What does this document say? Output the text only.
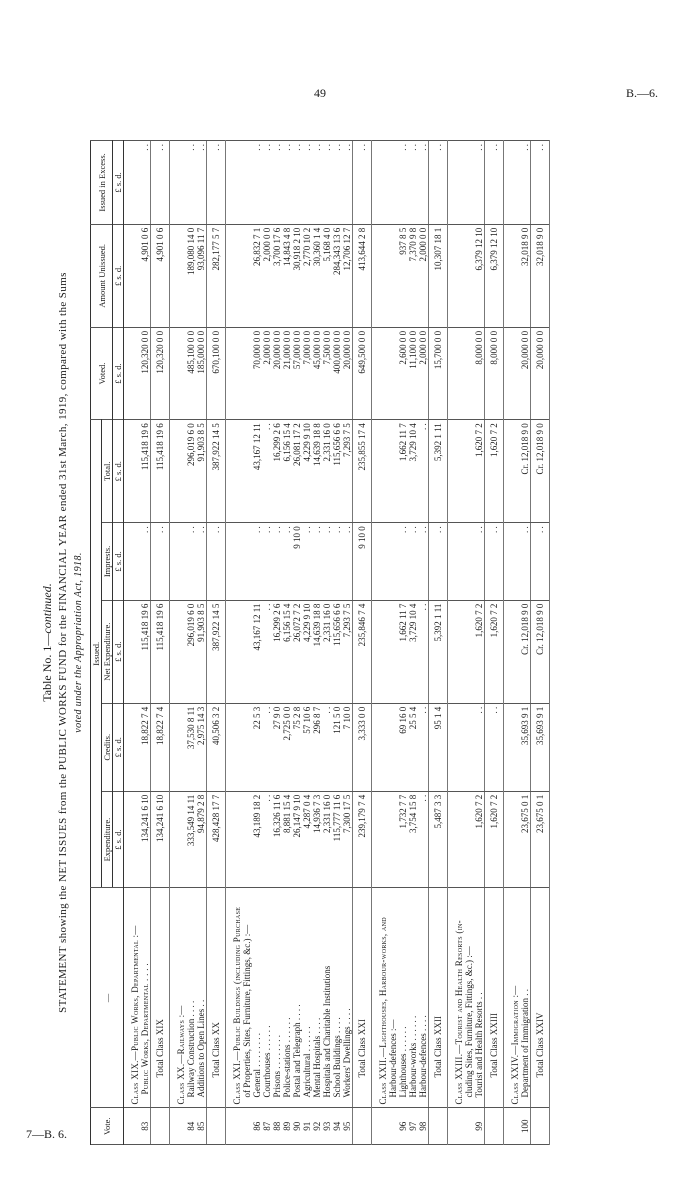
49	B.—6.
7—B. 6.
Table No. 1—continued. STATEMENT showing the NET ISSUES from the PUBLIC WORKS FUND for the FINANCIAL YEAR ended 31st March, 1919, compared with the Sums voted under the Appropriation Act, 1918.
Vote.	—	Issued.					Voted.	Amount Unissued.	Issued in Excess.
		Expenditure.	Credits.	Net Expenditure.	Imprests.	Total.			
		£ s. d.	£ s. d.	£ s. d.	£ s. d.	£ s. d.	£ s. d.	£ s. d.	£ s. d.
83	Class XIX.—Public Works, Departmental :— Public Works, Departmental . . . .	134,241 6 10	18,822 7 4	115,418 19 6	. .	115,418 19 6	120,320 0 0	4,901 0 6	. .
	Total Class XIX	134,241 6 10	18,822 7 4	115,418 19 6	. .	115,418 19 6	120,320 0 0	4,901 0 6	. .
	Class XX.—Railways :—								
84	Railway Construction . . . .	333,549 14 11	37,530 8 11	296,019 6 0	. .	296,019 6 0	485,100 0 0	189,080 14 0	. .
85	Additions to Open Lines . .	94,879 2 8	2,975 14 3	91,903 8 5	. .	91,903 8 5	185,000 0 0	93,096 11 7	. .
	Total Class XX	428,428 17 7	40,506 3 2	387,922 14 5	. .	387,922 14 5	670,100 0 0	282,177 5 7	. .
	Class XXI.—Public Buildings (including Purchase								
	of Properties, Sites, Furniture, Fittings, &c.) :—								
86	General . . . . . . . .	43,189 18 2	22 5 3	43,167 12 11	. .	43,167 12 11	70,000 0 0	26,832 7 1	. .
87	Courthouses . . . . . .	. .	. .	. .	. .	. .	2,000 0 0	2,000 0 0	. .
88	Prisons . . . . . . . .	16,326 11 6	27 9 0	16,299 2 6	. .	16,299 2 6	20,000 0 0	3,700 17 6	. .
89	Police-stations . . . . . .	8,881 15 4	2,725 0 0	6,156 15 4	. .	6,156 15 4	21,000 0 0	14,843 4 8	. .
90	Postal and Telegraph . . . .	26,147 9 10	75 2 8	26,072 7 2	9 10 0	26,081 17 2	57,000 0 0	30,918 2 10	. .
91	Agricultural . . . . . .	4,287 0 4	57 10 6	4,229 9 10	. .	4,229 9 10	7,000 0 0	2,770 10 2	. .
92	Mental Hospitals . . . .	14,936 7 3	296 8 7	14,639 18 8	. .	14,639 18 8	45,000 0 0	30,360 1 4	. .
93	Hospitals and Charitable Institutions	2,331 16 0	. .	2,331 16 0	. .	2,331 16 0	7,500 0 0	5,168 4 0	. .
94	School Buildings . . . .	115,777 11 6	121 5 0	115,656 6 6	. .	115,656 6 6	400,000 0 0	284,343 13 6	. .
95	Workers' Dwellings . . . .	7,300 17 5	7 10 0	7,293 7 5	. .	7,293 7 5	20,000 0 0	12,706 12 7	. .
	Total Class XXI	239,179 7 4	3,333 0 0	235,846 7 4	9 10 0	235,855 17 4	649,500 0 0	413,644 2 8	. .
	Class XXII.—Lighthouses, Harbour-works, and								
	Harbour-defences :—								
96	Lighthouses . . . . . .	1,732 7 7	69 16 0	1,662 11 7	. .	1,662 11 7	2,600 0 0	937 8 5	. .
97	Harbour-works . . . . . .	3,754 15 8	25 5 4	3,729 10 4	. .	3,729 10 4	11,100 0 0	7,370 9 8	. .
98	Harbour-defences . . . .	. .	. .	. .	. .	. .	2,000 0 0	2,000 0 0	. .
	Total Class XXII	5,487 3 3	95 1 4	5,392 1 11	. .	5,392 1 11	15,700 0 0	10,307 18 1	. .
	Class XXIII.—Tourist and Health Resorts (in-								
	cluding Sites, Furniture, Fittings, &c.) :—								
99	Tourist and Health Resorts . .	1,620 7 2	. .	1,620 7 2	. .	1,620 7 2	8,000 0 0	6,379 12 10	. .
	Total Class XXIII	1,620 7 2	. .	1,620 7 2	. .	1,620 7 2	8,000 0 0	6,379 12 10	. .
	Class XXIV.—Immigration :—								
100	Department of Immigration . .	23,675 0 1	35,693 9 1	Cr. 12,018 9 0	. .	Cr. 12,018 9 0	20,000 0 0	32,018 9 0	. .
	Total Class XXIV	23,675 0 1	35,693 9 1	Cr. 12,018 9 0	. .	Cr. 12,018 9 0	20,000 0 0	32,018 9 0	. .
